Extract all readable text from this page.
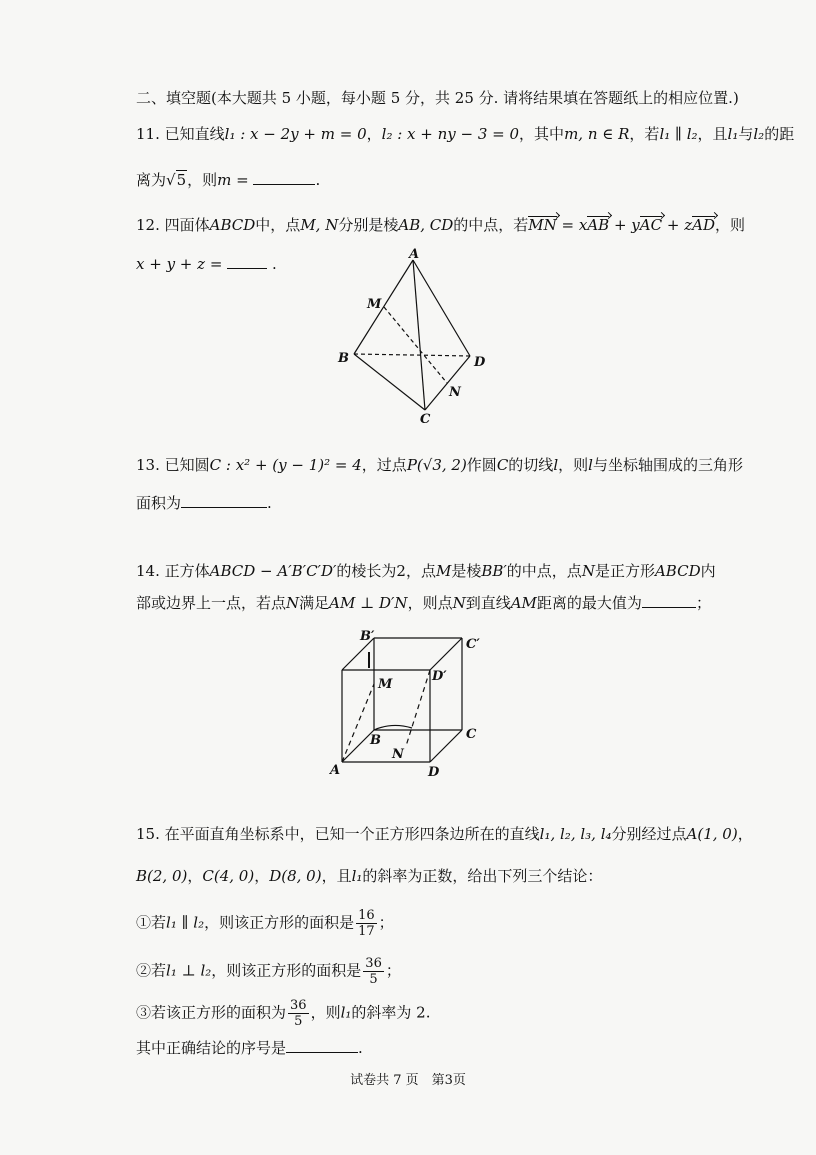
二、填空题(本大题共 5 小题，每小题 5 分，共 25 分. 请将结果填在答题纸上的相应位置.)
11. 已知直线l₁ : x − 2y + m = 0，l₂ : x + ny − 3 = 0，其中m, n ∈ R，若l₁ ∥ l₂，且l₁与l₂的距
离为√5，则m =	.
12. 四面体ABCD中，点M, N分别是棱AB, CD的中点，若MN = xAB + yAC + zAD，则
x + y + z =	.
A
B
C
D
M
N
13. 已知圆C : x² + (y − 1)² = 4，过点P(√3, 2)作圆C的切线l，则l与坐标轴围成的三角形
面积为	.
14. 正方体ABCD − A′B′C′D′的棱长为2，点M是棱BB′的中点，点N是正方形ABCD内
部或边界上一点，若点N满足AM ⊥ D′N，则点N到直线AM距离的最大值为	；
B′
C′
D′
M
B	C
D
N
A
15. 在平面直角坐标系中，已知一个正方形四条边所在的直线l₁, l₂, l₃, l₄分别经过点A(1, 0)，
B(2, 0)，C(4, 0)，D(8, 0)，且l₁的斜率为正数，给出下列三个结论：
①若l₁ ∥ l₂，则该正方形的面积是 $\frac{16}{17}$ ；
②若l₁ ⊥ l₂，则该正方形的面积是 $\frac{36}{5}$ ；
③若该正方形的面积为 $\frac{36}{5}$ ，则l₁的斜率为 2.
其中正确结论的序号是	.
试卷共 7 页　第3页
